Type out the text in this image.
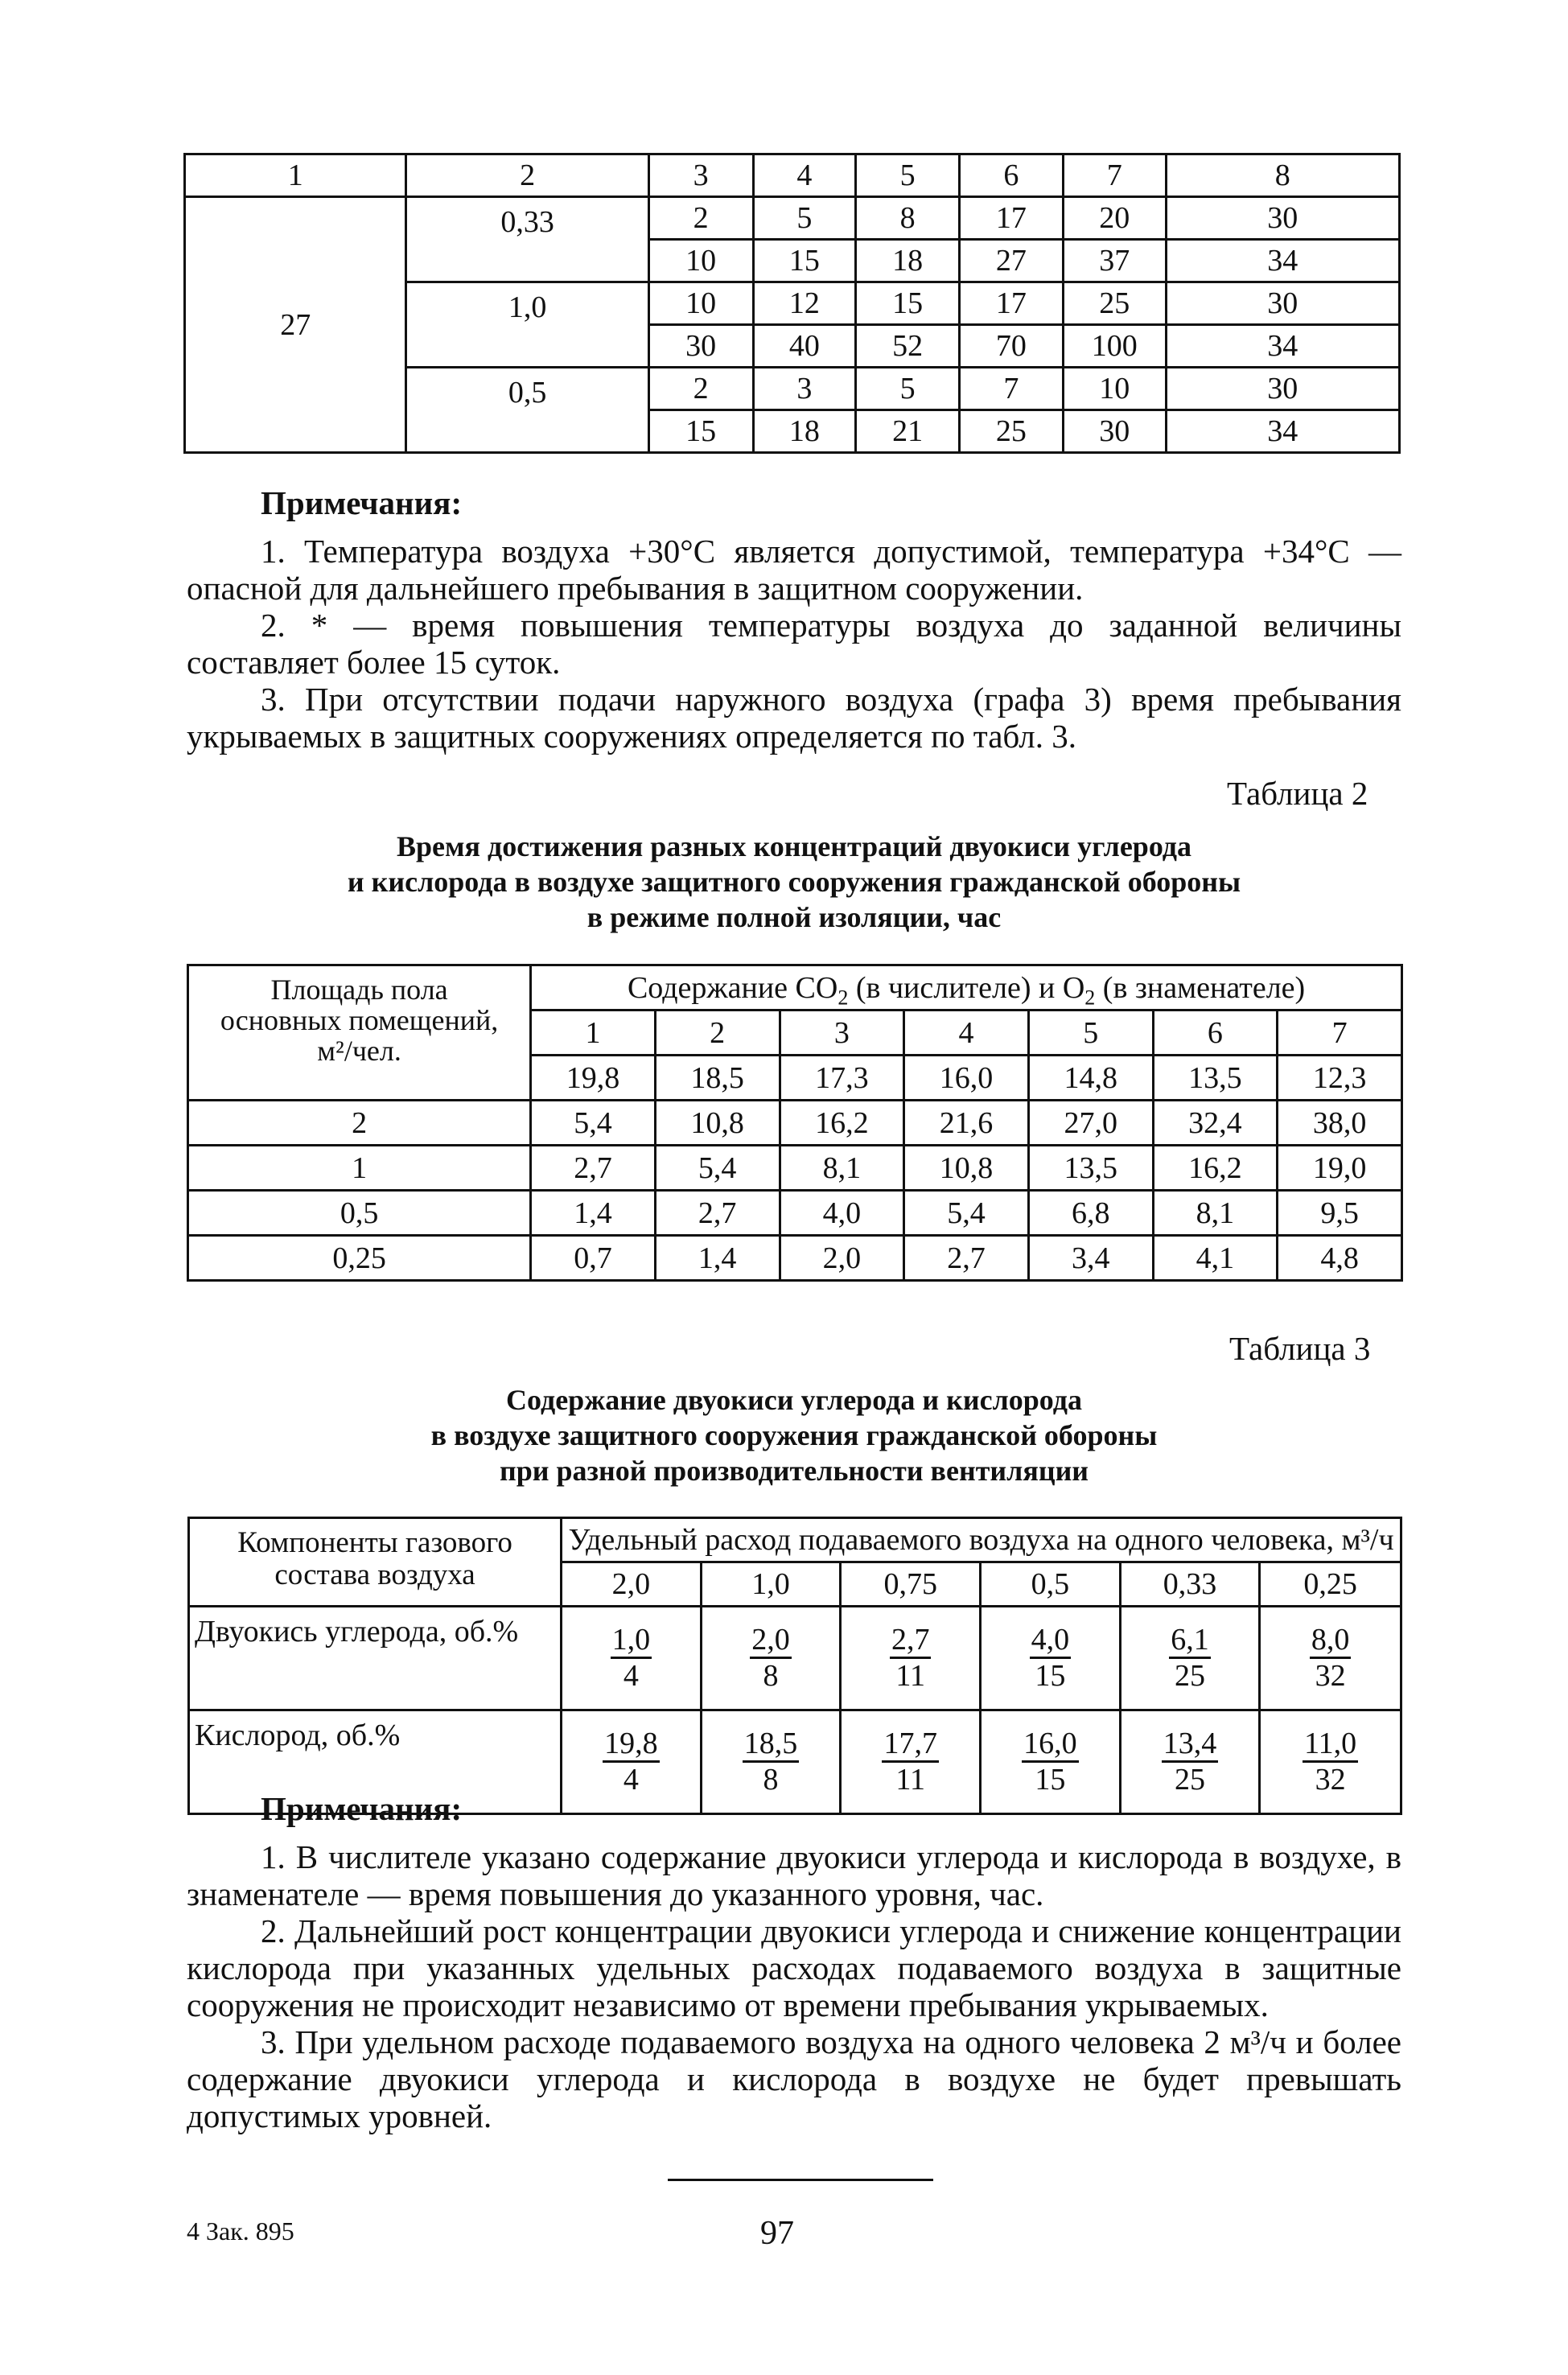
1	2	3	4	5	6	7	8
27	0,33	2	5	8	17	20	30
		10	15	18	27	37	34
	1,0	10	12	15	17	25	30
		30	40	52	70	100	34
	0,5	2	3	5	7	10	30
		15	18	21	25	30	34

Примечания:

1. Температура воздуха +30°С является допустимой, температура +34°С — опасной для дальнейшего пребывания в защитном сооружении.

2. * — время повышения температуры воздуха до заданной величины составляет более 15 суток.

3. При отсутствии подачи наружного воздуха (графа 3) время пребывания укрываемых в защитных сооружениях определяется по табл. 3.

Таблица 2
Время достижения разных концентраций двуокиси углерода
и кислорода в воздухе защитного сооружения гражданской обороны
в режиме полной изоляции, час
Площадь пола
основных помещений,
м²/чел.	Содержание $CO_2$ (в числителе) и $O_2$ (в знаменателе)						
	1	2	3	4	5	6	7
	19,8	18,5	17,3	16,0	14,8	13,5	12,3
2	5,4	10,8	16,2	21,6	27,0	32,4	38,0
1	2,7	5,4	8,1	10,8	13,5	16,2	19,0
0,5	1,4	2,7	4,0	5,4	6,8	8,1	9,5
0,25	0,7	1,4	2,0	2,7	3,4	4,1	4,8
Таблица 3
Содержание двуокиси углерода и кислорода
в воздухе защитного сооружения гражданской обороны
при разной производительности вентиляции
Компоненты газового
состава воздуха	Удельный расход подаваемого воздуха на одного человека, м³/ч					
	2,0	1,0	0,75	0,5	0,33	0,25
Двуокись углерода, об.%	$\frac{1,0}{4}$	$\frac{2,0}{8}$	$\frac{2,7}{11}$	$\frac{4,0}{15}$	$\frac{6,1}{25}$	$\frac{8,0}{32}$

Кислород, об.%	$\frac{19,8}{4}$	$\frac{18,5}{8}$	$\frac{17,7}{11}$	$\frac{16,0}{15}$	$\frac{13,4}{25}$	$\frac{11,0}{32}$

Примечания:

1. В числителе указано содержание двуокиси углерода и кислорода в воздухе, в знаменателе — время повышения до указанного уровня, час.

2. Дальнейший рост концентрации двуокиси углерода и снижение концентрации кислорода при указанных удельных расходах подаваемого воздуха в защитные сооружения не происходит независимо от времени пребывания укрываемых.

3. При удельном расходе подаваемого воздуха на одного человека 2 м³/ч и более содержание двуокиси углерода и кислорода в воздухе не будет превышать допустимых уровней.

4 Зак. 895	97
